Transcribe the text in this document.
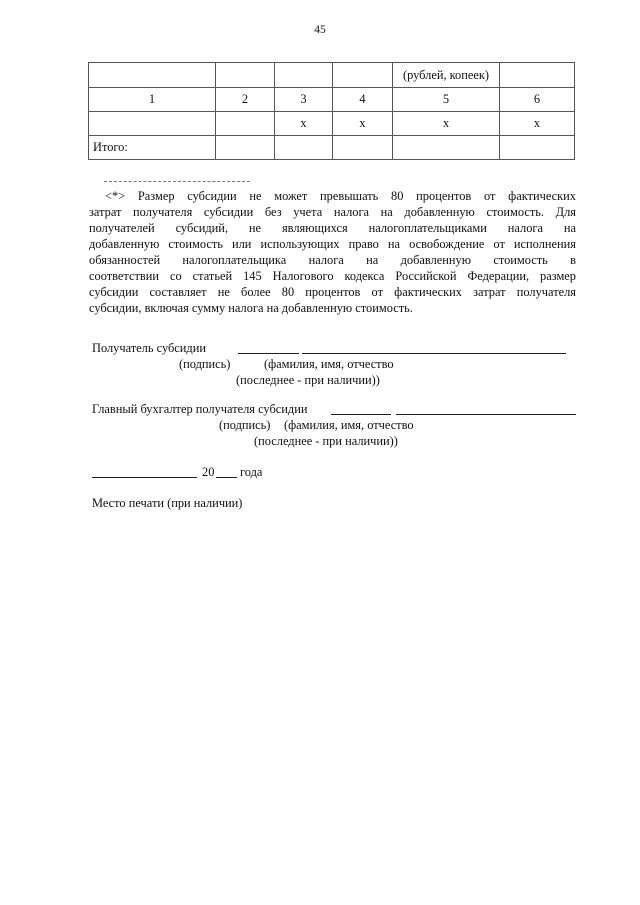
45
				(рублей, копеек)	
1	2	3	4	5	6
		x	x	x	x
Итого:					
<*> Размер субсидии не может превышать 80 процентов от фактических
затрат получателя субсидии без учета налога на добавленную стоимость. Для
получателей субсидий, не являющихся налогоплательщиками налога на
добавленную стоимость или использующих право на освобождение от исполнения
обязанностей налогоплательщика налога на добавленную стоимость в
соответствии со статьей 145 Налогового кодекса Российской Федерации, размер
субсидии составляет не более 80 процентов от фактических затрат получателя
субсидии, включая сумму налога на добавленную стоимость.
Получатель субсидии
(подпись)	(фамилия, имя, отчество
(последнее - при наличии))
Главный бухгалтер получателя субсидии
(подпись) (фамилия, имя, отчество
(последнее - при наличии))
20 года
Место печати (при наличии)
